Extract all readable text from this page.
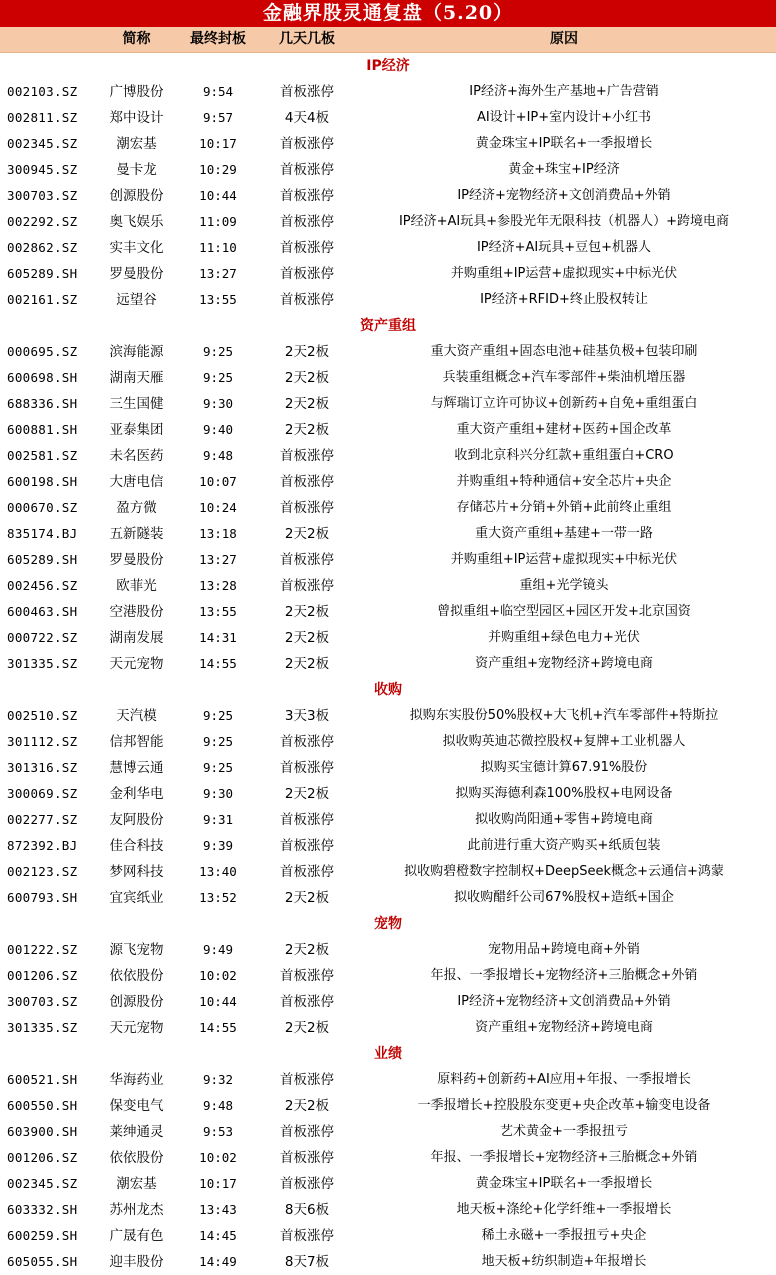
金融界股灵通复盘（5.20）
简称	最终封板	几天几板	原因
IP经济
002103.SZ	广博股份	9:54	首板涨停	IP经济+海外生产基地+广告营销
002811.SZ	郑中设计	9:57	4天4板	AI设计+IP+室内设计+小红书
002345.SZ	潮宏基	10:17	首板涨停	黄金珠宝+IP联名+一季报增长
300945.SZ	曼卡龙	10:29	首板涨停	黄金+珠宝+IP经济
300703.SZ	创源股份	10:44	首板涨停	IP经济+宠物经济+文创消费品+外销
002292.SZ	奥飞娱乐	11:09	首板涨停	IP经济+AI玩具+参股光年无限科技（机器人）+跨境电商
002862.SZ	实丰文化	11:10	首板涨停	IP经济+AI玩具+豆包+机器人
605289.SH	罗曼股份	13:27	首板涨停	并购重组+IP运营+虚拟现实+中标光伏
002161.SZ	远望谷	13:55	首板涨停	IP经济+RFID+终止股权转让
资产重组
000695.SZ	滨海能源	9:25	2天2板	重大资产重组+固态电池+硅基负极+包装印刷
600698.SH	湖南天雁	9:25	2天2板	兵装重组概念+汽车零部件+柴油机增压器
688336.SH	三生国健	9:30	2天2板	与辉瑞订立许可协议+创新药+自免+重组蛋白
600881.SH	亚泰集团	9:40	2天2板	重大资产重组+建材+医药+国企改革
002581.SZ	未名医药	9:48	首板涨停	收到北京科兴分红款+重组蛋白+CRO
600198.SH	大唐电信	10:07	首板涨停	并购重组+特种通信+安全芯片+央企
000670.SZ	盈方微	10:24	首板涨停	存储芯片+分销+外销+此前终止重组
835174.BJ	五新隧装	13:18	2天2板	重大资产重组+基建+一带一路
605289.SH	罗曼股份	13:27	首板涨停	并购重组+IP运营+虚拟现实+中标光伏
002456.SZ	欧菲光	13:28	首板涨停	重组+光学镜头
600463.SH	空港股份	13:55	2天2板	曾拟重组+临空型园区+园区开发+北京国资
000722.SZ	湖南发展	14:31	2天2板	并购重组+绿色电力+光伏
301335.SZ	天元宠物	14:55	2天2板	资产重组+宠物经济+跨境电商
收购
002510.SZ	天汽模	9:25	3天3板	拟购东实股份50%股权+大飞机+汽车零部件+特斯拉
301112.SZ	信邦智能	9:25	首板涨停	拟收购英迪芯微控股权+复牌+工业机器人
301316.SZ	慧博云通	9:25	首板涨停	拟购买宝德计算67.91%股份
300069.SZ	金利华电	9:30	2天2板	拟购买海德利森100%股权+电网设备
002277.SZ	友阿股份	9:31	首板涨停	拟收购尚阳通+零售+跨境电商
872392.BJ	佳合科技	9:39	首板涨停	此前进行重大资产购买+纸质包装
002123.SZ	梦网科技	13:40	首板涨停	拟收购碧橙数字控制权+DeepSeek概念+云通信+鸿蒙
600793.SH	宜宾纸业	13:52	2天2板	拟收购醋纤公司67%股权+造纸+国企
宠物
001222.SZ	源飞宠物	9:49	2天2板	宠物用品+跨境电商+外销
001206.SZ	依依股份	10:02	首板涨停	年报、一季报增长+宠物经济+三胎概念+外销
300703.SZ	创源股份	10:44	首板涨停	IP经济+宠物经济+文创消费品+外销
301335.SZ	天元宠物	14:55	2天2板	资产重组+宠物经济+跨境电商
业绩
600521.SH	华海药业	9:32	首板涨停	原料药+创新药+AI应用+年报、一季报增长
600550.SH	保变电气	9:48	2天2板	一季报增长+控股股东变更+央企改革+输变电设备
603900.SH	莱绅通灵	9:53	首板涨停	艺术黄金+一季报扭亏
001206.SZ	依依股份	10:02	首板涨停	年报、一季报增长+宠物经济+三胎概念+外销
002345.SZ	潮宏基	10:17	首板涨停	黄金珠宝+IP联名+一季报增长
603332.SH	苏州龙杰	13:43	8天6板	地天板+涤纶+化学纤维+一季报增长
600259.SH	广晟有色	14:45	首板涨停	稀土永磁+一季报扭亏+央企
605055.SH	迎丰股份	14:49	8天7板	地天板+纺织制造+年报增长
